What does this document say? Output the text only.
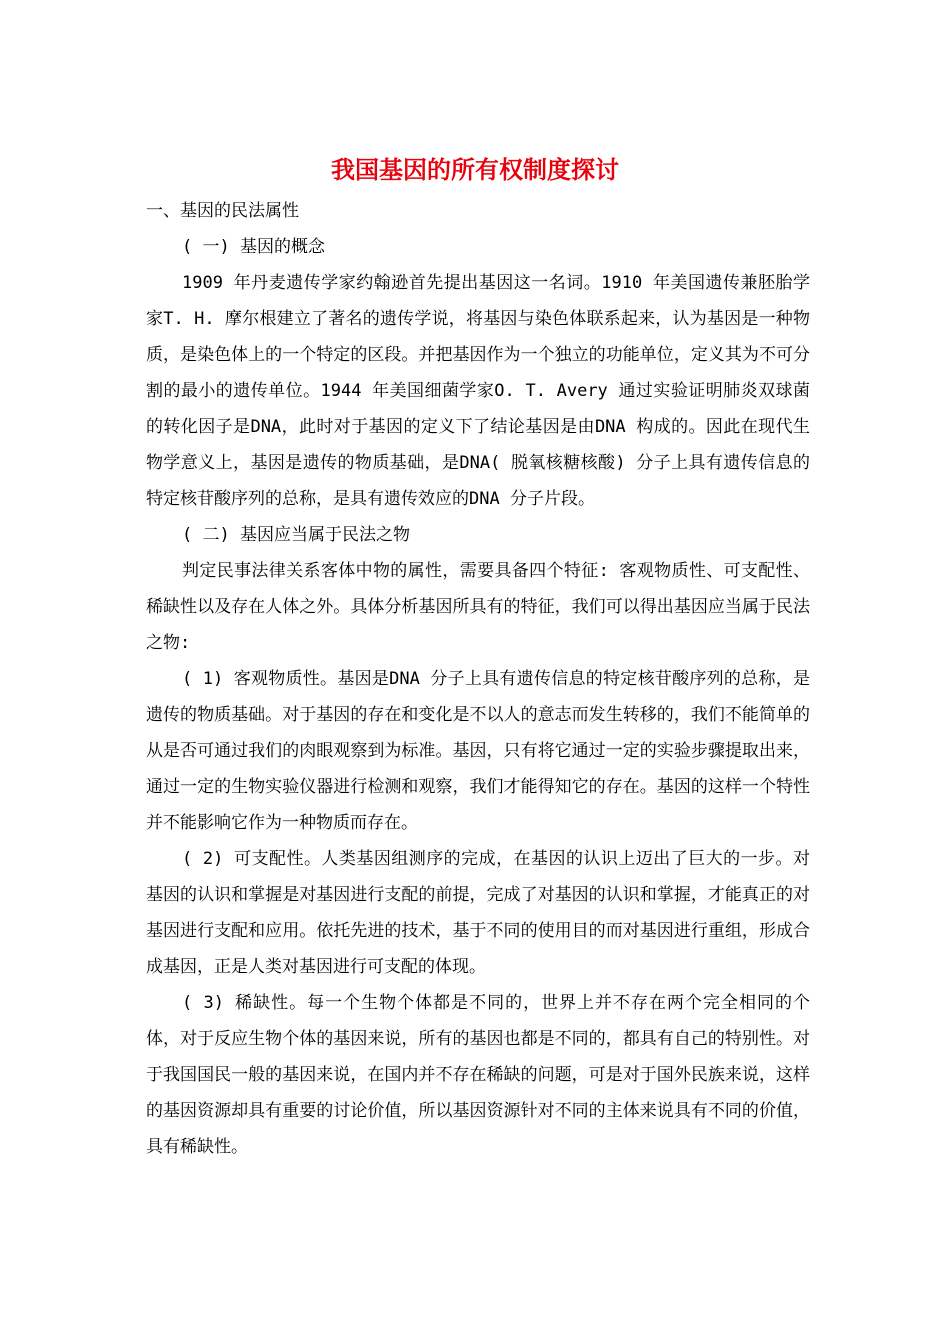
我国基因的所有权制度探讨

一、基因的民法属性

( 一) 基因的概念

1909 年丹麦遗传学家约翰逊首先提出基因这一名词。1910 年美国遗传兼胚胎学家T. H. 摩尔根建立了著名的遗传学说，将基因与染色体联系起来，认为基因是一种物质，是染色体上的一个特定的区段。并把基因作为一个独立的功能单位，定义其为不可分割的最小的遗传单位。1944 年美国细菌学家O. T. Avery 通过实验证明肺炎双球菌的转化因子是DNA，此时对于基因的定义下了结论基因是由DNA 构成的。因此在现代生物学意义上，基因是遗传的物质基础，是DNA( 脱氧核糖核酸) 分子上具有遗传信息的特定核苷酸序列的总称，是具有遗传效应的DNA 分子片段。

( 二) 基因应当属于民法之物

判定民事法律关系客体中物的属性，需要具备四个特征: 客观物质性、可支配性、稀缺性以及存在人体之外。具体分析基因所具有的特征，我们可以得出基因应当属于民法之物:

( 1) 客观物质性。基因是DNA 分子上具有遗传信息的特定核苷酸序列的总称，是遗传的物质基础。对于基因的存在和变化是不以人的意志而发生转移的，我们不能简单的从是否可通过我们的肉眼观察到为标准。基因，只有将它通过一定的实验步骤提取出来，通过一定的生物实验仪器进行检测和观察，我们才能得知它的存在。基因的这样一个特性并不能影响它作为一种物质而存在。

( 2) 可支配性。人类基因组测序的完成，在基因的认识上迈出了巨大的一步。对基因的认识和掌握是对基因进行支配的前提，完成了对基因的认识和掌握，才能真正的对基因进行支配和应用。依托先进的技术，基于不同的使用目的而对基因进行重组，形成合成基因，正是人类对基因进行可支配的体现。

( 3) 稀缺性。每一个生物个体都是不同的，世界上并不存在两个完全相同的个体，对于反应生物个体的基因来说，所有的基因也都是不同的，都具有自己的特别性。对于我国国民一般的基因来说，在国内并不存在稀缺的问题，可是对于国外民族来说，这样的基因资源却具有重要的讨论价值，所以基因资源针对不同的主体来说具有不同的价值，具有稀缺性。
